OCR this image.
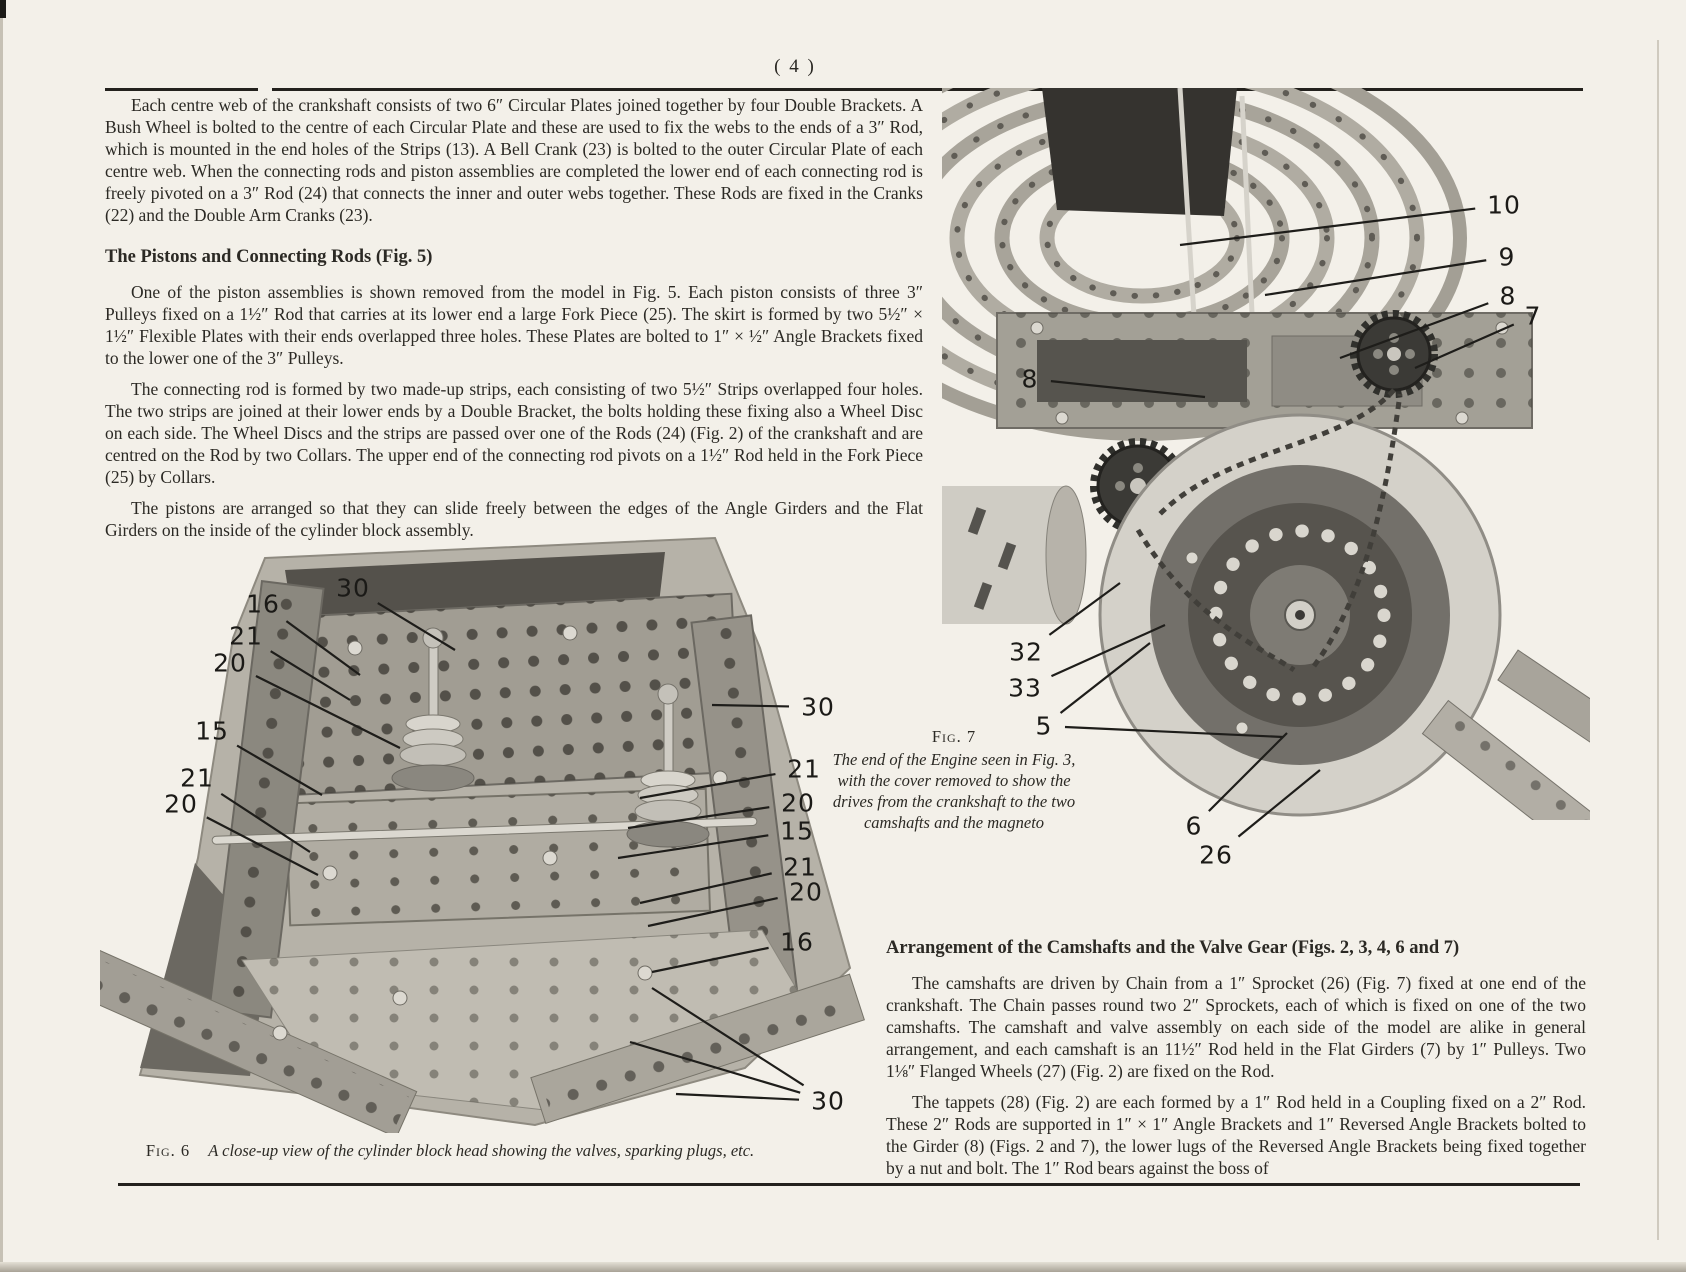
( 4 )

Each centre web of the crankshaft consists of two 6″ Circular Plates joined together by four Double Brackets. A Bush Wheel is bolted to the centre of each Circular Plate and these are used to fix the webs to the ends of a 3″ Rod, which is mounted in the end holes of the Strips (13). A Bell Crank (23) is bolted to the outer Circular Plate of each centre web. When the connecting rods and piston assemblies are completed the lower end of each connecting rod is freely pivoted on a 3″ Rod (24) that connects the inner and outer webs together. These Rods are fixed in the Cranks (22) and the Double Arm Cranks (23).

The Pistons and Connecting Rods (Fig. 5)

One of the piston assemblies is shown removed from the model in Fig. 5. Each piston consists of three 3″ Pulleys fixed on a 1½″ Rod that carries at its lower end a large Fork Piece (25). The skirt is formed by two 5½″ × 1½″ Flexible Plates with their ends overlapped three holes. These Plates are bolted to 1″ × ½″ Angle Brackets fixed to the lower one of the 3″ Pulleys.

The connecting rod is formed by two made-up strips, each consisting of two 5½″ Strips overlapped four holes. The two strips are joined at their lower ends by a Double Bracket, the bolts holding these fixing also a Wheel Disc on each side. The Wheel Discs and the strips are passed over one of the Rods (24) (Fig. 2) of the crankshaft and are centred on the Rod by two Collars. The upper end of the connecting rod pivots on a 1½″ Rod held in the Fork Piece (25) by Collars.

The pistons are arranged so that they can slide freely between the edges of the Angle Girders and the Flat Girders on the inside of the cylinder block assembly.

30
16
21
20
15
21
20
30
21
20
15
21
20
16
30
10
9
8
7
8
32
33
5
6
26
Fig. 7
The end of the Engine seen in Fig. 3,
with the cover removed to show the
drives from the crankshaft to the two
camshafts and the magneto
Arrangement of the Camshafts and the Valve Gear (Figs. 2, 3, 4, 6 and 7)

The camshafts are driven by Chain from a 1″ Sprocket (26) (Fig. 7) fixed at one end of the crankshaft. The Chain passes round two 2″ Sprockets, each of which is fixed on one of the two camshafts. The camshaft and valve assembly on each side of the model are alike in general arrangement, and each camshaft is an 11½″ Rod held in the Flat Girders (7) by 1″ Pulleys. Two 1⅛″ Flanged Wheels (27) (Fig. 2) are fixed on the Rod.

The tappets (28) (Fig. 2) are each formed by a 1″ Rod held in a Coupling fixed on a 2″ Rod. These 2″ Rods are supported in 1″ × 1″ Angle Brackets and 1″ Reversed Angle Brackets bolted to the Girder (8) (Figs. 2 and 7), the lower lugs of the Reversed Angle Brackets being fixed together by a nut and bolt. The 1″ Rod bears against the boss of

Fig. 6 A close-up view of the cylinder block head showing the valves, sparking plugs, etc.
